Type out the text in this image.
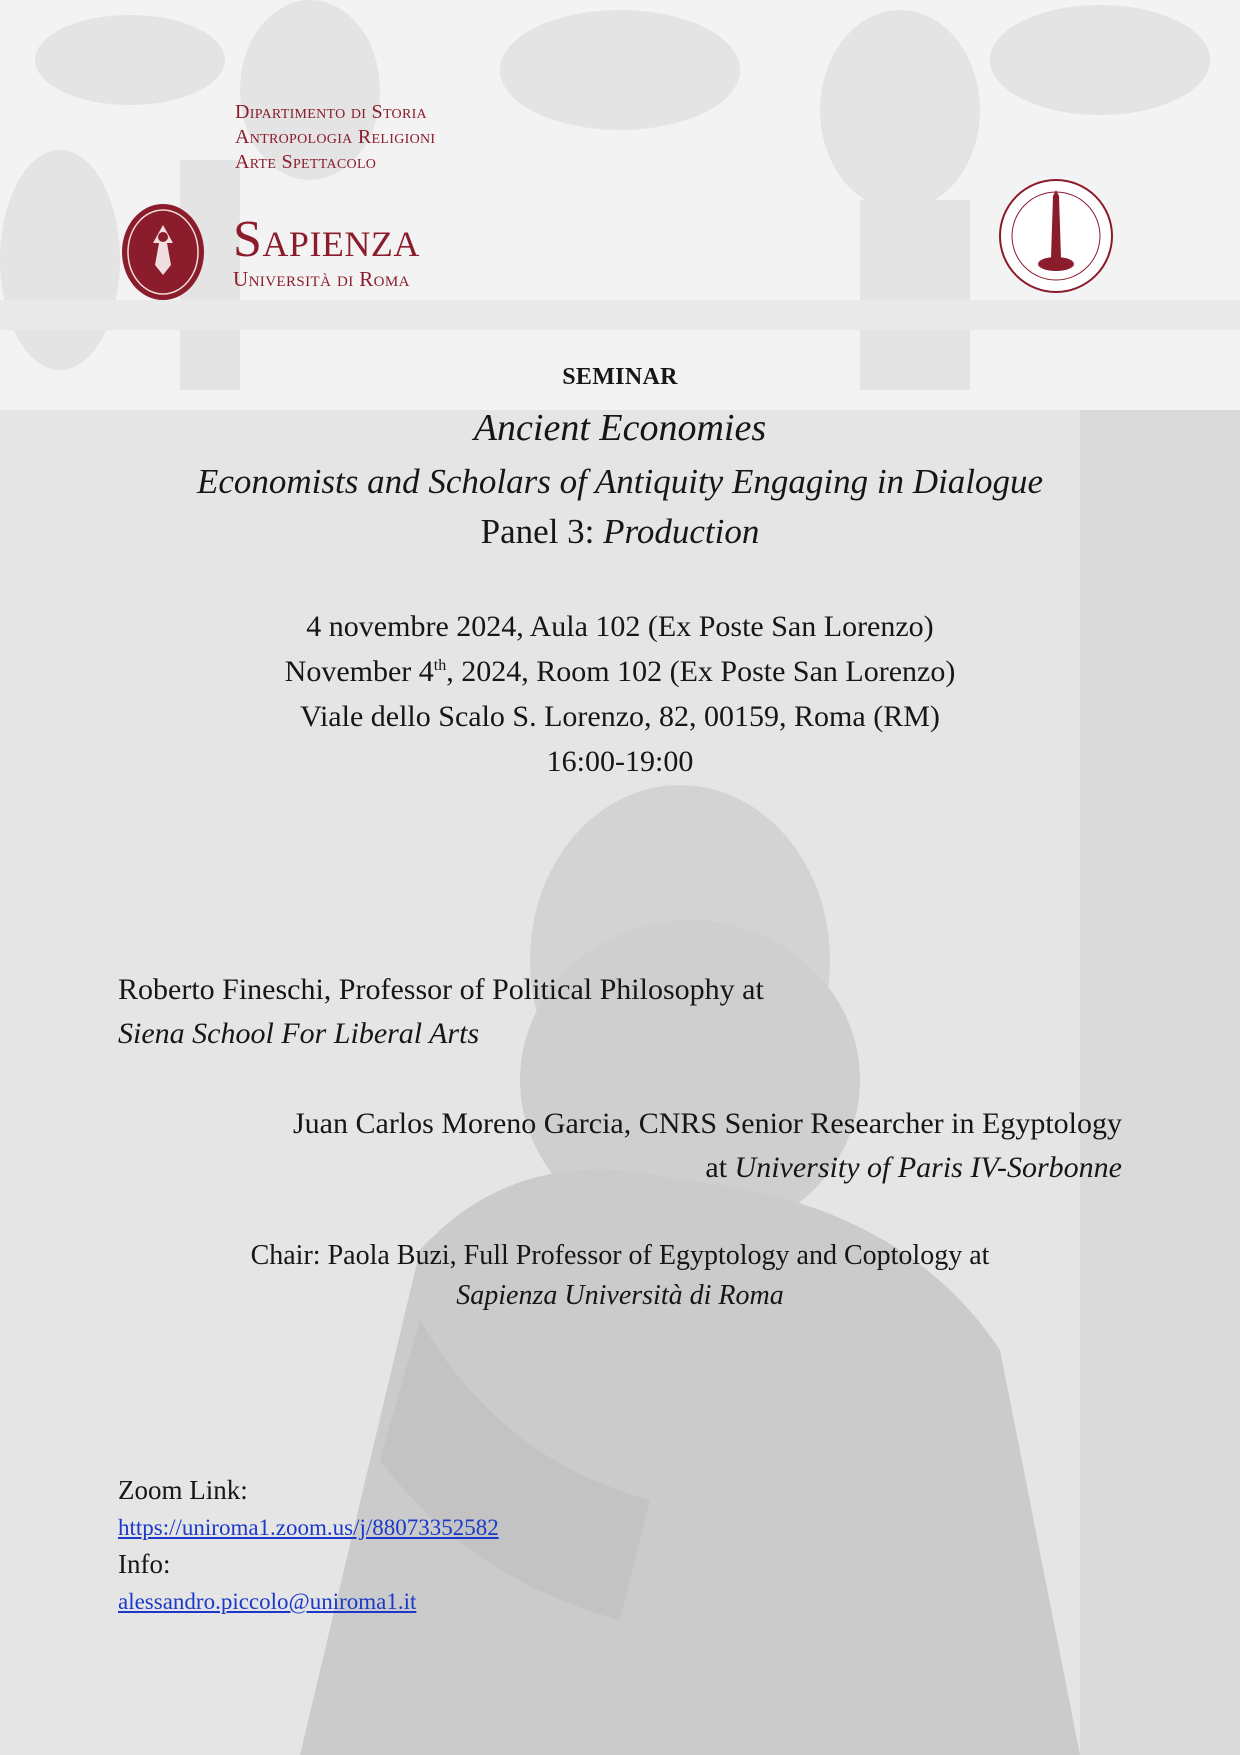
Dipartimento di Storia
Antropologia Religioni
Arte Spettacolo
Sapienza
Università di Roma
SEMINAR
Ancient Economies
Economists and Scholars of Antiquity Engaging in Dialogue
Panel 3: Production
4 novembre 2024, Aula 102 (Ex Poste San Lorenzo)
November 4th, 2024, Room 102 (Ex Poste San Lorenzo)
Viale dello Scalo S. Lorenzo, 82, 00159, Roma (RM)
16:00-19:00
Roberto Fineschi, Professor of Political Philosophy at
Siena School For Liberal Arts
Juan Carlos Moreno Garcia, CNRS Senior Researcher in Egyptology
at University of Paris IV-Sorbonne
Chair: Paola Buzi, Full Professor of Egyptology and Coptology at
Sapienza Università di Roma
Zoom Link:
https://uniroma1.zoom.us/j/88073352582
Info:
alessandro.piccolo@uniroma1.it
